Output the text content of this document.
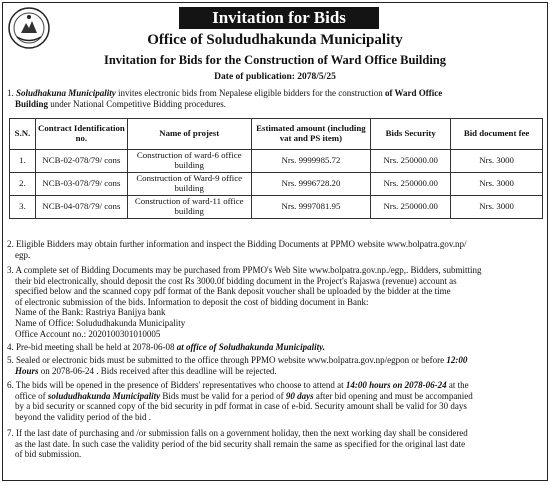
Invitation for Bids
Office of Solududhakunda Municipality
Invitation for Bids for the Construction of Ward Office Building
Date of publication: 2078/5/25
1. Soludhakuna Municipality invites electronic bids from Nepalese eligible bidders for the construction of Ward Office
Building under National Competitive Bidding procedures.
S.N.	Contract Identification no.	Name of projest	Estimated amount (including vat and PS item)	Bids Security	Bid document fee
1.	NCB-02-078/79/ cons	Construction of ward-6 office building	Nrs. 9999985.72	Nrs. 250000.00	Nrs. 3000
2.	NCB-03-078/79/ cons	Construction of Ward-9 office building	Nrs. 9996728.20	Nrs. 250000.00	Nrs. 3000
3.	NCB-04-078/79/ cons	Construction of ward-11 office building	Nrs. 9997081.95	Nrs. 250000.00	Nrs. 3000
2. Eligible Bidders may obtain further information and inspect the Bidding Documents at PPMO website www.bolpatra.gov.np/
egp.
3. A complete set of Bidding Documents may be purchased from PPMO's Web Site www.bolpatra.gov.np./egp,. Bidders, submitting
their bid electronically, should deposit the cost Rs 3000.0f bidding document in the Project's Rajaswa (revenue) account as
specified below and the scanned copy pdf format of the Bank deposit voucher shall be uploaded by the bidder at the time
of electronic submission of the bids. Information to deposit the cost of bidding document in Bank:
Name of the Bank: Rastriya Banijya bank
Name of Office: Solududhakunda Municipality
Office Account no.: 2020100301010005
4. Pre-bid meeting shall be held at 2078-06-08 at office of Soludhakunda Municipality.
5. Sealed or electronic bids must be submitted to the office through PPMO website www.bolpatra.gov.np/egpon or before 12:00
Hours on 2078-06-24 . Bids received after this deadline will be rejected.
6. The bids will be opened in the presence of Bidders' representatives who choose to attend at 14:00 hours on 2078-06-24 at the
office of solududhakunda Municipality Bids must be valid for a period of 90 days after bid opening and must be accompanied
by a bid security or scanned copy of the bid security in pdf format in case of e-bid. Security amount shall be valid for 30 days
beyond the validity period of the bid .
7. If the last date of purchasing and /or submission falls on a government holiday, then the next working day shall be considered
as the last date. In such case the validity period of the bid security shall remain the same as specified for the original last date
of bid submission.
